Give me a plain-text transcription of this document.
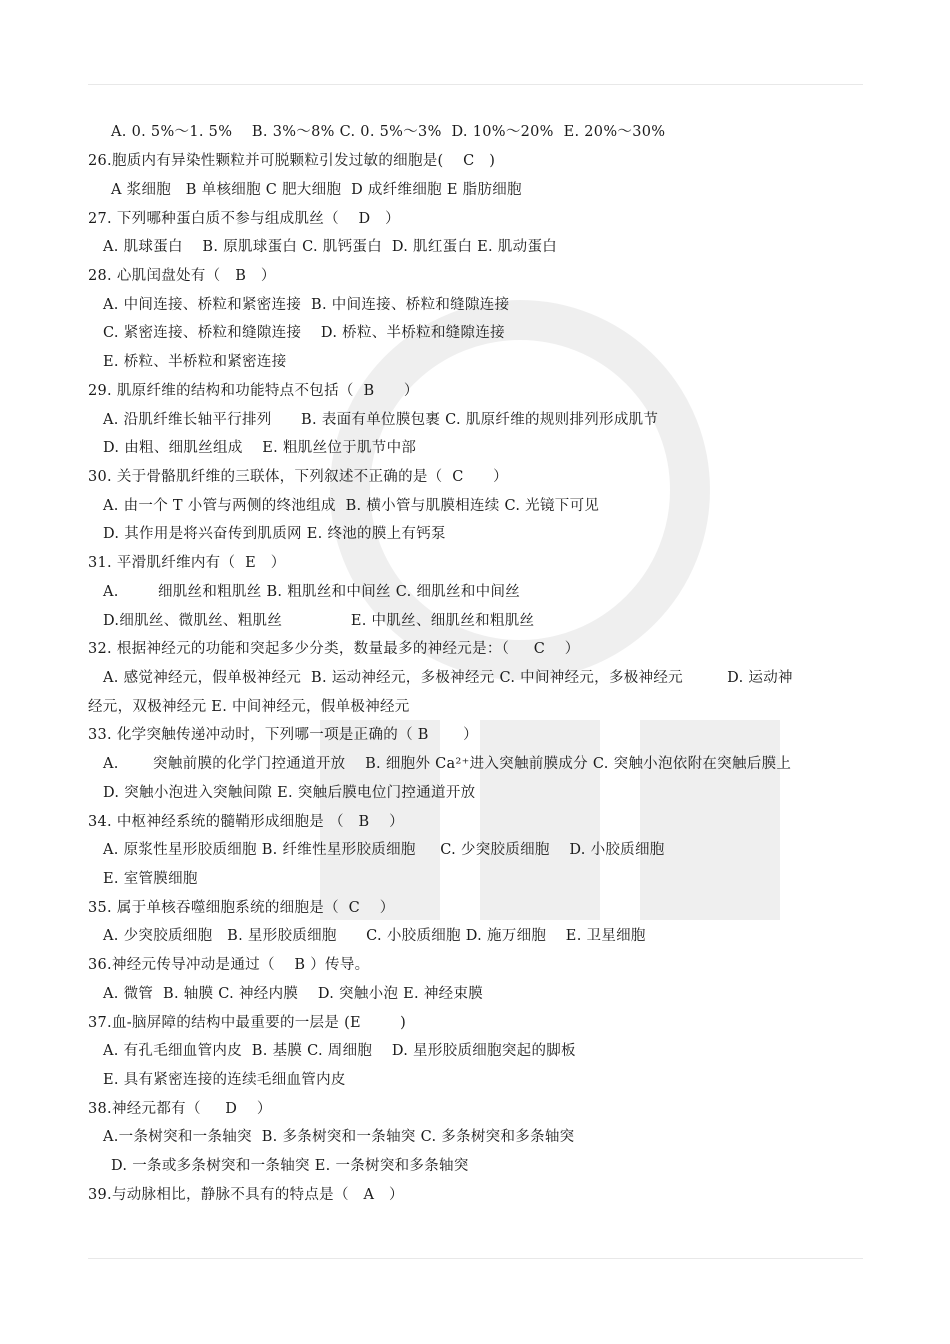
A. 0. 5%～1. 5%    B. 3%～8% C. 0. 5%～3%  D. 10%～20%  E. 20%～30%
26.胞质内有异染性颗粒并可脱颗粒引发过敏的细胞是(    C   )
A 浆细胞   B 单核细胞 C 肥大细胞  D 成纤维细胞 E 脂肪细胞
27. 下列哪种蛋白质不参与组成肌丝（    D   ）
A. 肌球蛋白    B. 原肌球蛋白 C. 肌钙蛋白  D. 肌红蛋白 E. 肌动蛋白
28. 心肌闰盘处有（   B   ）
A. 中间连接、桥粒和紧密连接  B. 中间连接、桥粒和缝隙连接
C. 紧密连接、桥粒和缝隙连接    D. 桥粒、半桥粒和缝隙连接
E. 桥粒、半桥粒和紧密连接
29. 肌原纤维的结构和功能特点不包括（  B      ）
A. 沿肌纤维长轴平行排列      B. 表面有单位膜包裹 C. 肌原纤维的规则排列形成肌节
D. 由粗、细肌丝组成    E. 粗肌丝位于肌节中部
30. 关于骨骼肌纤维的三联体，下列叙述不正确的是（  C      ）
A. 由一个 T 小管与两侧的终池组成  B. 横小管与肌膜相连续 C. 光镜下可见
D. 其作用是将兴奋传到肌质网 E. 终池的膜上有钙泵
31. 平滑肌纤维内有（  E   ）
A.        细肌丝和粗肌丝 B. 粗肌丝和中间丝 C. 细肌丝和中间丝
D.细肌丝、微肌丝、粗肌丝              E. 中肌丝、细肌丝和粗肌丝
32. 根据神经元的功能和突起多少分类，数量最多的神经元是：（     C    ）
A. 感觉神经元，假单极神经元  B. 运动神经元，多极神经元 C. 中间神经元，多极神经元         D. 运动神
经元，双极神经元 E. 中间神经元，假单极神经元
33. 化学突触传递冲动时，下列哪一项是正确的（ B       ）
A.       突触前膜的化学门控通道开放    B. 细胞外 Ca²⁺进入突触前膜成分 C. 突触小泡依附在突触后膜上
D. 突触小泡进入突触间隙 E. 突触后膜电位门控通道开放
34. 中枢神经系统的髓鞘形成细胞是 （   B    ）
A. 原浆性星形胶质细胞 B. 纤维性星形胶质细胞     C. 少突胶质细胞    D. 小胶质细胞
E. 室管膜细胞
35. 属于单核吞噬细胞系统的细胞是（  C    ）
A. 少突胶质细胞   B. 星形胶质细胞      C. 小胶质细胞 D. 施万细胞    E. 卫星细胞
36.神经元传导冲动是通过（    B ）传导。
A. 微管  B. 轴膜 C. 神经内膜    D. 突触小泡 E. 神经束膜
37.血-脑屏障的结构中最重要的一层是 (E        )
A. 有孔毛细血管内皮  B. 基膜 C. 周细胞    D. 星形胶质细胞突起的脚板
E. 具有紧密连接的连续毛细血管内皮
38.神经元都有（     D    ）
A.一条树突和一条轴突  B. 多条树突和一条轴突 C. 多条树突和多条轴突
D. 一条或多条树突和一条轴突 E. 一条树突和多条轴突
39.与动脉相比，静脉不具有的特点是（   A   ）
